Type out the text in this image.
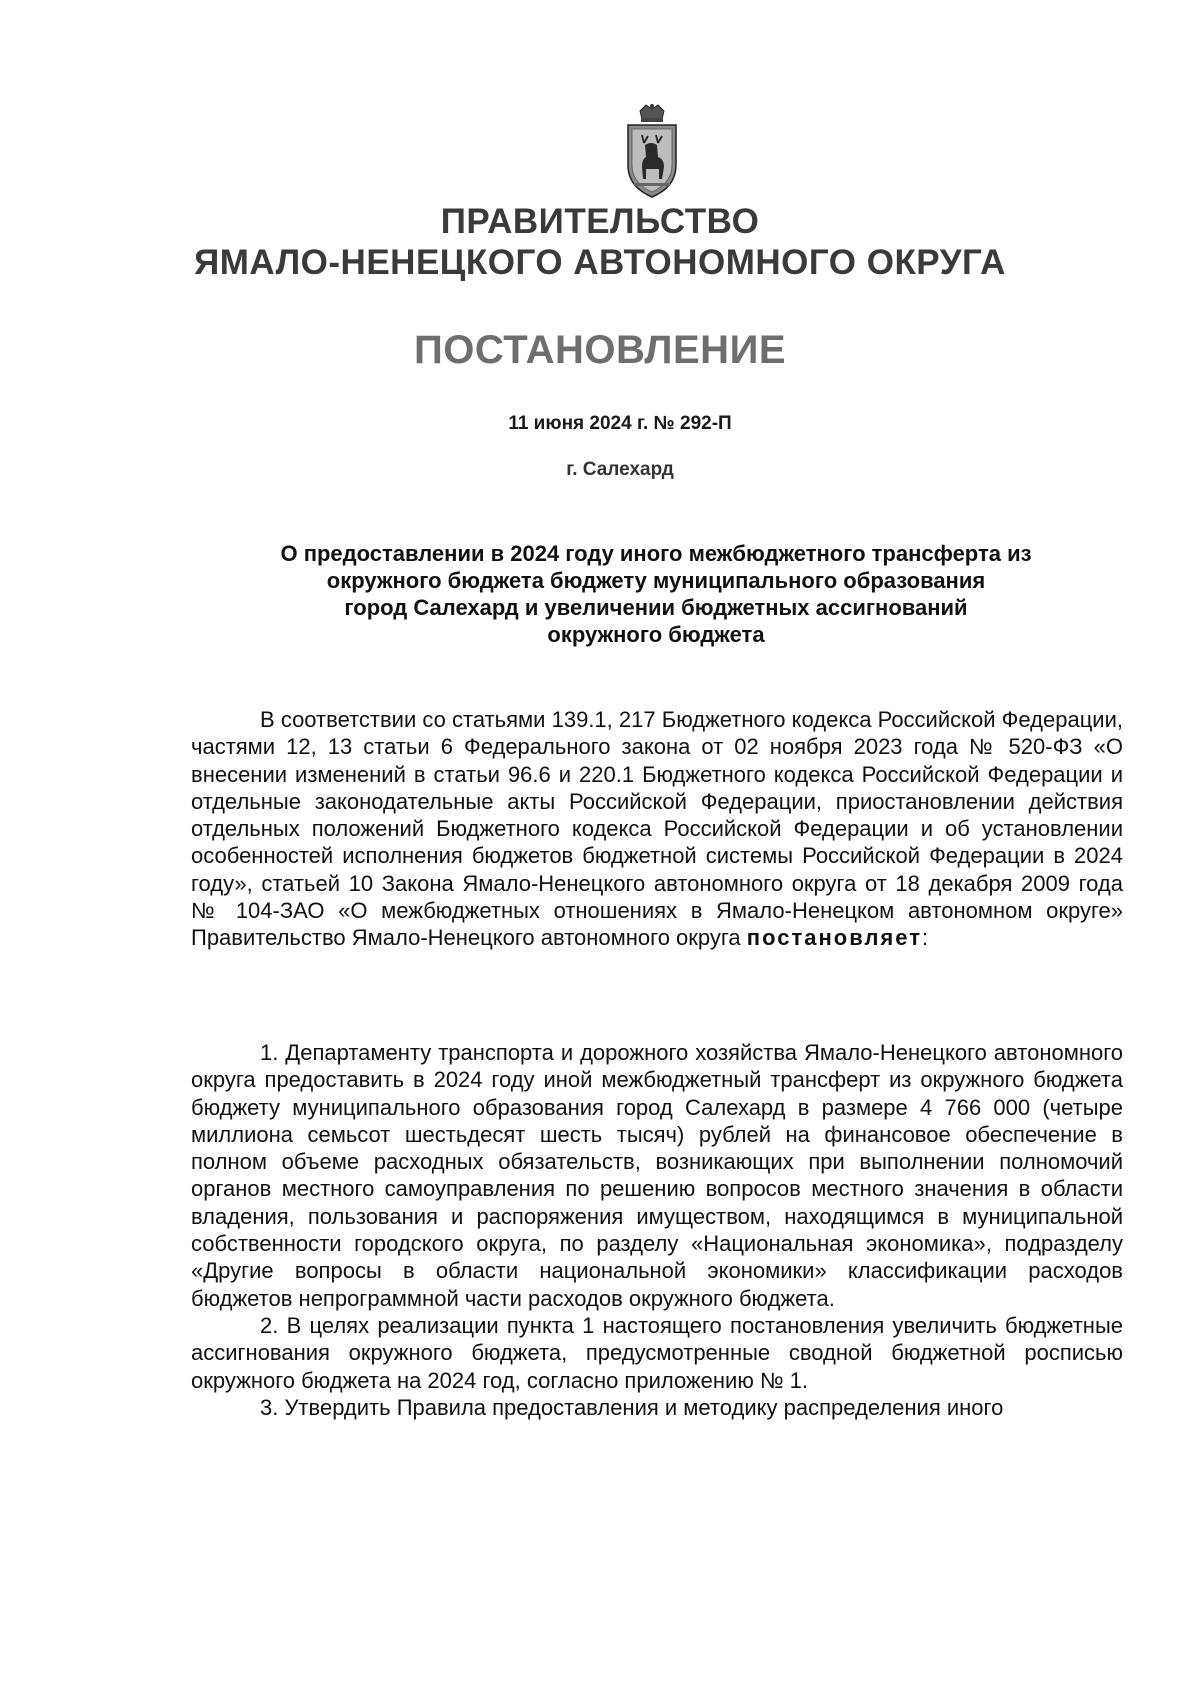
ПРАВИТЕЛЬСТВО
ЯМАЛО-НЕНЕЦКОГО АВТОНОМНОГО ОКРУГА
ПОСТАНОВЛЕНИЕ
11 июня 2024 г. № 292-П
г. Салехард
О предоставлении в 2024 году иного межбюджетного трансферта из
окружного бюджета бюджету муниципального образования
город Салехард и увеличении бюджетных ассигнований
окружного бюджета

В соответствии со статьями 139.1, 217 Бюджетного кодекса Российской Федерации, частями 12, 13 статьи 6 Федерального закона от 02 ноября 2023 года № 520-ФЗ «О внесении изменений в статьи 96.6 и 220.1 Бюджетного кодекса Российской Федерации и отдельные законодательные акты Российской Федерации, приостановлении действия отдельных положений Бюджетного кодекса Российской Федерации и об установлении особенностей исполнения бюджетов бюджетной системы Российской Федерации в 2024 году», статьей 10 Закона Ямало-Ненецкого автономного округа от 18 декабря 2009 года № 104-ЗАО «О межбюджетных отношениях в Ямало-Ненецком автономном округе» Правительство Ямало-Ненецкого автономного округа постановляет:

1. Департаменту транспорта и дорожного хозяйства Ямало-Ненецкого автономного округа предоставить в 2024 году иной межбюджетный трансферт из окружного бюджета бюджету муниципального образования город Салехард в размере 4 766 000 (четыре миллиона семьсот шестьдесят шесть тысяч) рублей на финансовое обеспечение в полном объеме расходных обязательств, возникающих при выполнении полномочий органов местного самоуправления по решению вопросов местного значения в области владения, пользования и распоряжения имуществом, находящимся в муниципальной собственности городского округа, по разделу «Национальная экономика», подразделу «Другие вопросы в области национальной экономики» классификации расходов бюджетов непрограммной части расходов окружного бюджета.

2. В целях реализации пункта 1 настоящего постановления увеличить бюджетные ассигнования окружного бюджета, предусмотренные сводной бюджетной росписью окружного бюджета на 2024 год, согласно приложению № 1.

3. Утвердить Правила предоставления и методику распределения иного
